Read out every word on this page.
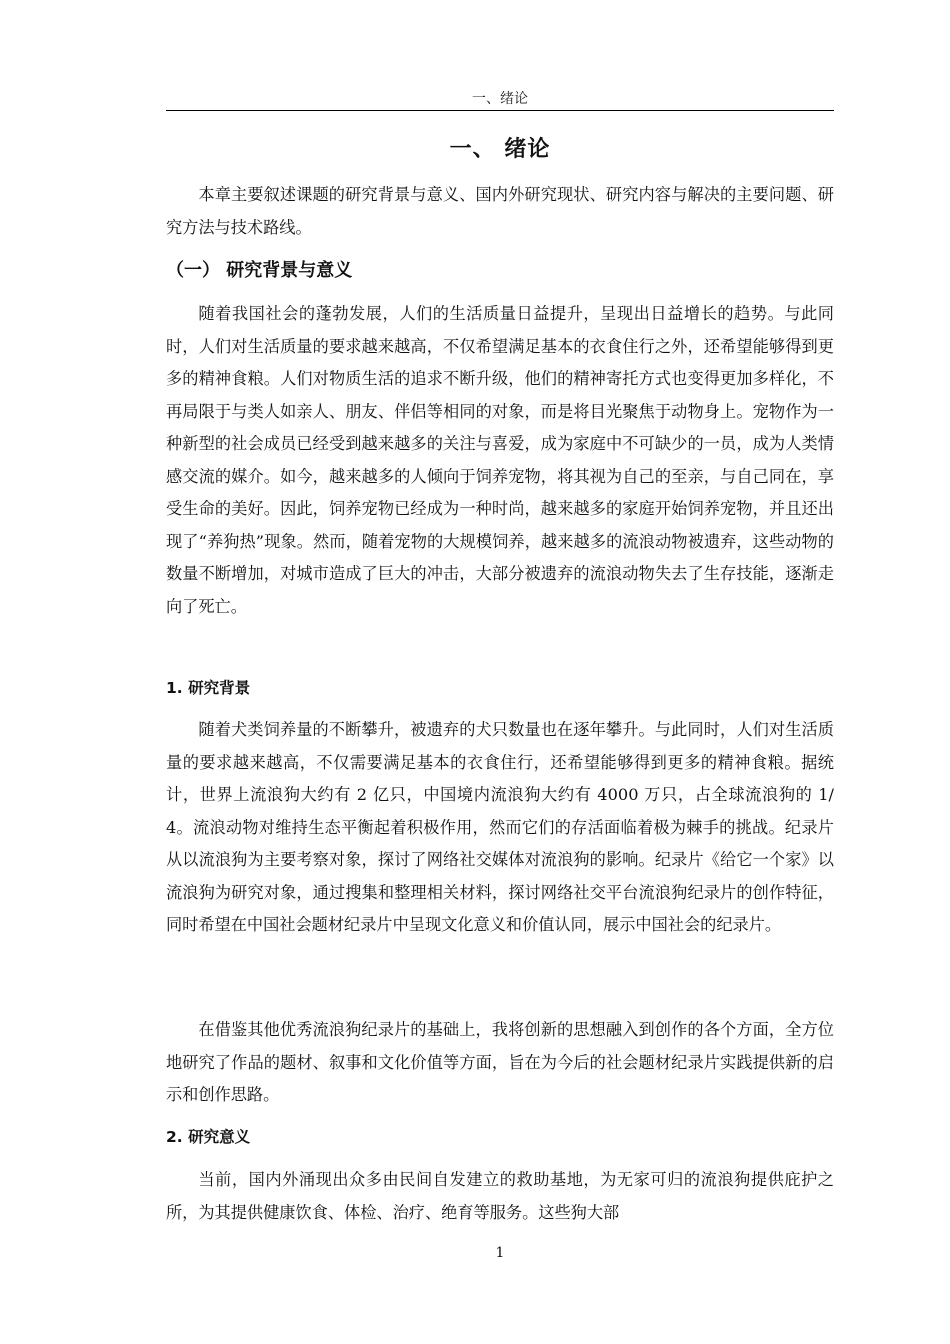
一、绪论
一、 绪论

本章主要叙述课题的研究背景与意义、国内外研究现状、研究内容与解决的主要问题、研究方法与技术路线。

（一） 研究背景与意义

随着我国社会的蓬勃发展，人们的生活质量日益提升，呈现出日益增长的趋势。与此同时，人们对生活质量的要求越来越高，不仅希望满足基本的衣食住行之外，还希望能够得到更多的精神食粮。人们对物质生活的追求不断升级，他们的精神寄托方式也变得更加多样化，不再局限于与类人如亲人、朋友、伴侣等相同的对象，而是将目光聚焦于动物身上。宠物作为一种新型的社会成员已经受到越来越多的关注与喜爱，成为家庭中不可缺少的一员，成为人类情感交流的媒介。如今，越来越多的人倾向于饲养宠物，将其视为自己的至亲，与自己同在，享受生命的美好。因此，饲养宠物已经成为一种时尚，越来越多的家庭开始饲养宠物，并且还出现了“养狗热”现象。然而，随着宠物的大规模饲养，越来越多的流浪动物被遗弃，这些动物的数量不断增加，对城市造成了巨大的冲击，大部分被遗弃的流浪动物失去了生存技能，逐渐走向了死亡。

1. 研究背景

随着犬类饲养量的不断攀升，被遗弃的犬只数量也在逐年攀升。与此同时，人们对生活质量的要求越来越高，不仅需要满足基本的衣食住行，还希望能够得到更多的精神食粮。据统计，世界上流浪狗大约有 2 亿只，中国境内流浪狗大约有 4000 万只，占全球流浪狗的 1/4。流浪动物对维持生态平衡起着积极作用，然而它们的存活面临着极为棘手的挑战。纪录片从以流浪狗为主要考察对象，探讨了网络社交媒体对流浪狗的影响。纪录片《给它一个家》以流浪狗为研究对象，通过搜集和整理相关材料，探讨网络社交平台流浪狗纪录片的创作特征，同时希望在中国社会题材纪录片中呈现文化意义和价值认同，展示中国社会的纪录片。

在借鉴其他优秀流浪狗纪录片的基础上，我将创新的思想融入到创作的各个方面，全方位地研究了作品的题材、叙事和文化价值等方面，旨在为今后的社会题材纪录片实践提供新的启示和创作思路。

2. 研究意义

当前，国内外涌现出众多由民间自发建立的救助基地，为无家可归的流浪狗提供庇护之所，为其提供健康饮食、体检、治疗、绝育等服务。这些狗大部

1
